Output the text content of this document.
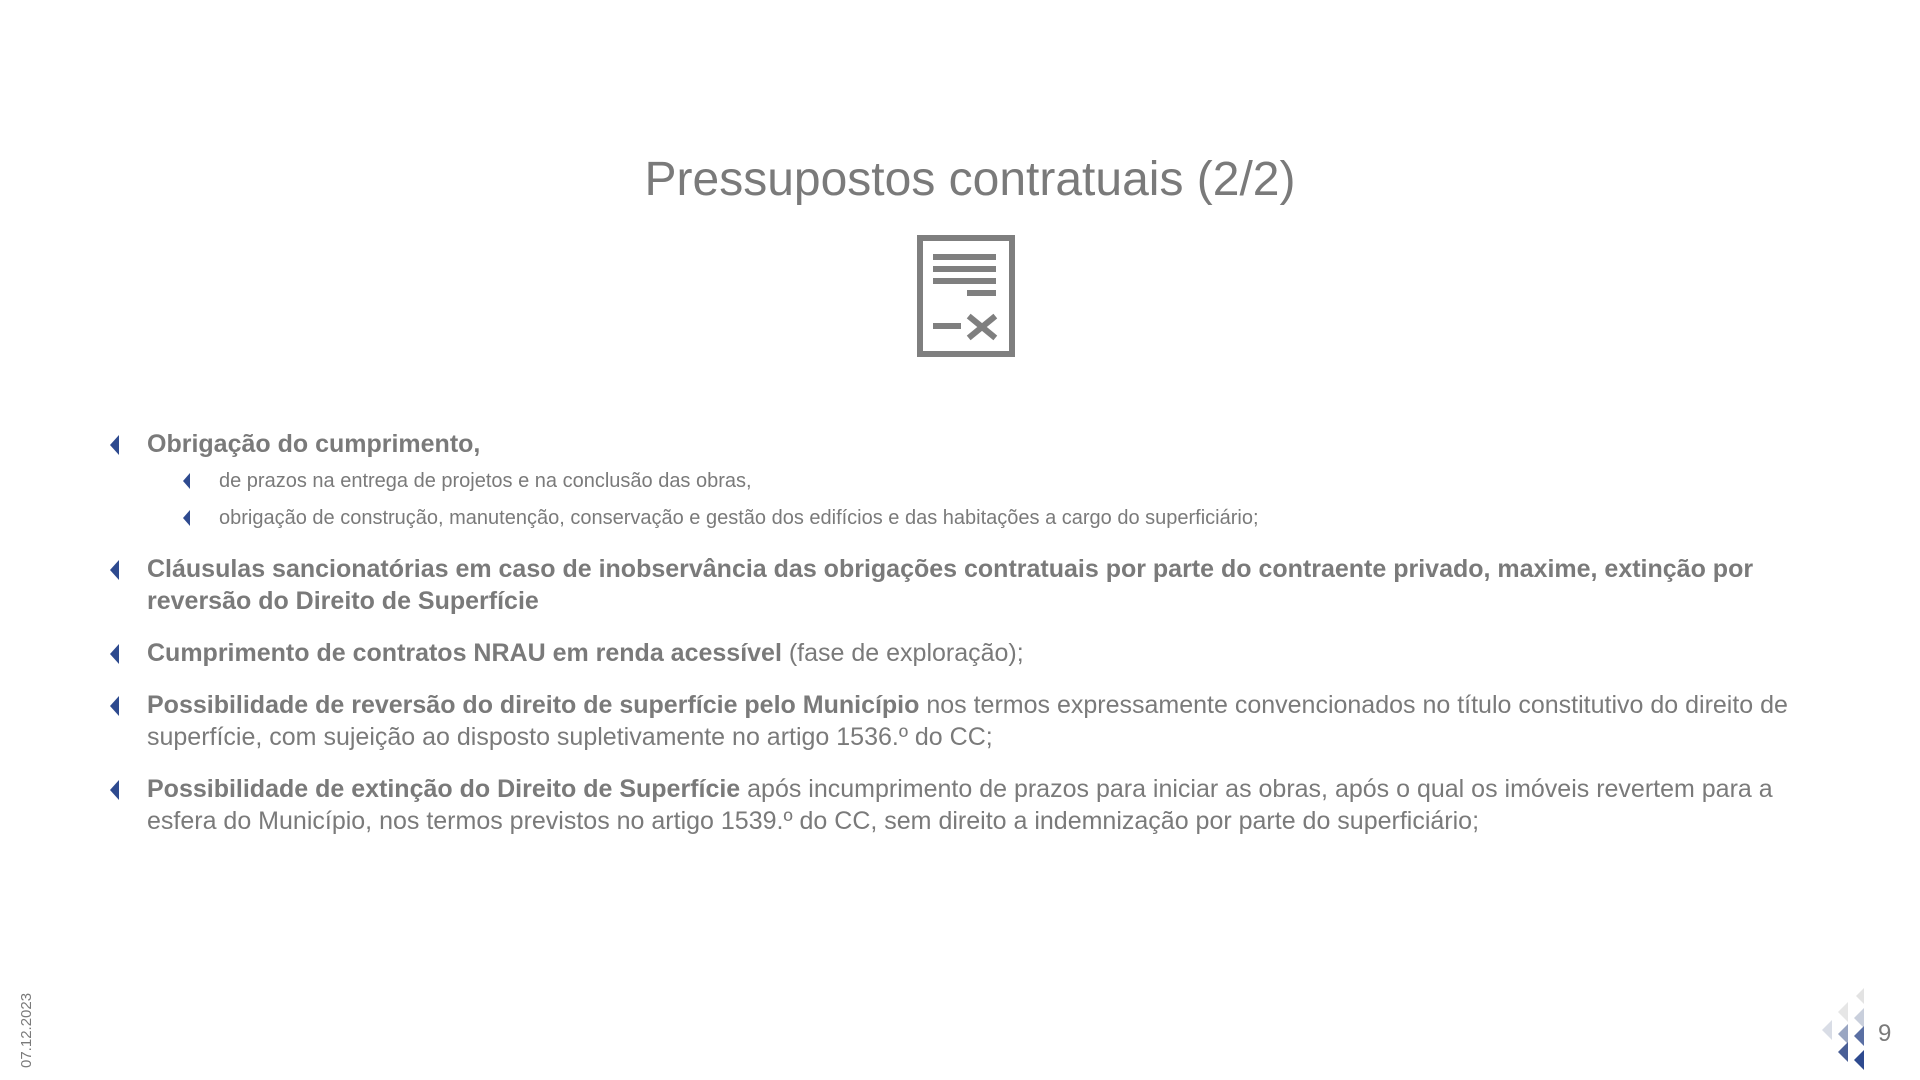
Pressupostos contratuais (2/2)
Obrigação do cumprimento,
de prazos na entrega de projetos e na conclusão das obras,
obrigação de construção, manutenção, conservação e gestão dos edifícios e das habitações a cargo do superficiário;
Cláusulas sancionatórias em caso de inobservância das obrigações contratuais por parte do contraente privado, maxime, extinção por reversão do Direito de Superfície
Cumprimento de contratos NRAU em renda acessível (fase de exploração);
Possibilidade de reversão do direito de superfície pelo Município nos termos expressamente convencionados no título constitutivo do direito de superfície, com sujeição ao disposto supletivamente no artigo 1536.º do CC;
Possibilidade de extinção do Direito de Superfície após incumprimento de prazos para iniciar as obras, após o qual os imóveis revertem para a esfera do Município, nos termos previstos no artigo 1539.º do CC, sem direito a indemnização por parte do superficiário;
07.12.2023	9
